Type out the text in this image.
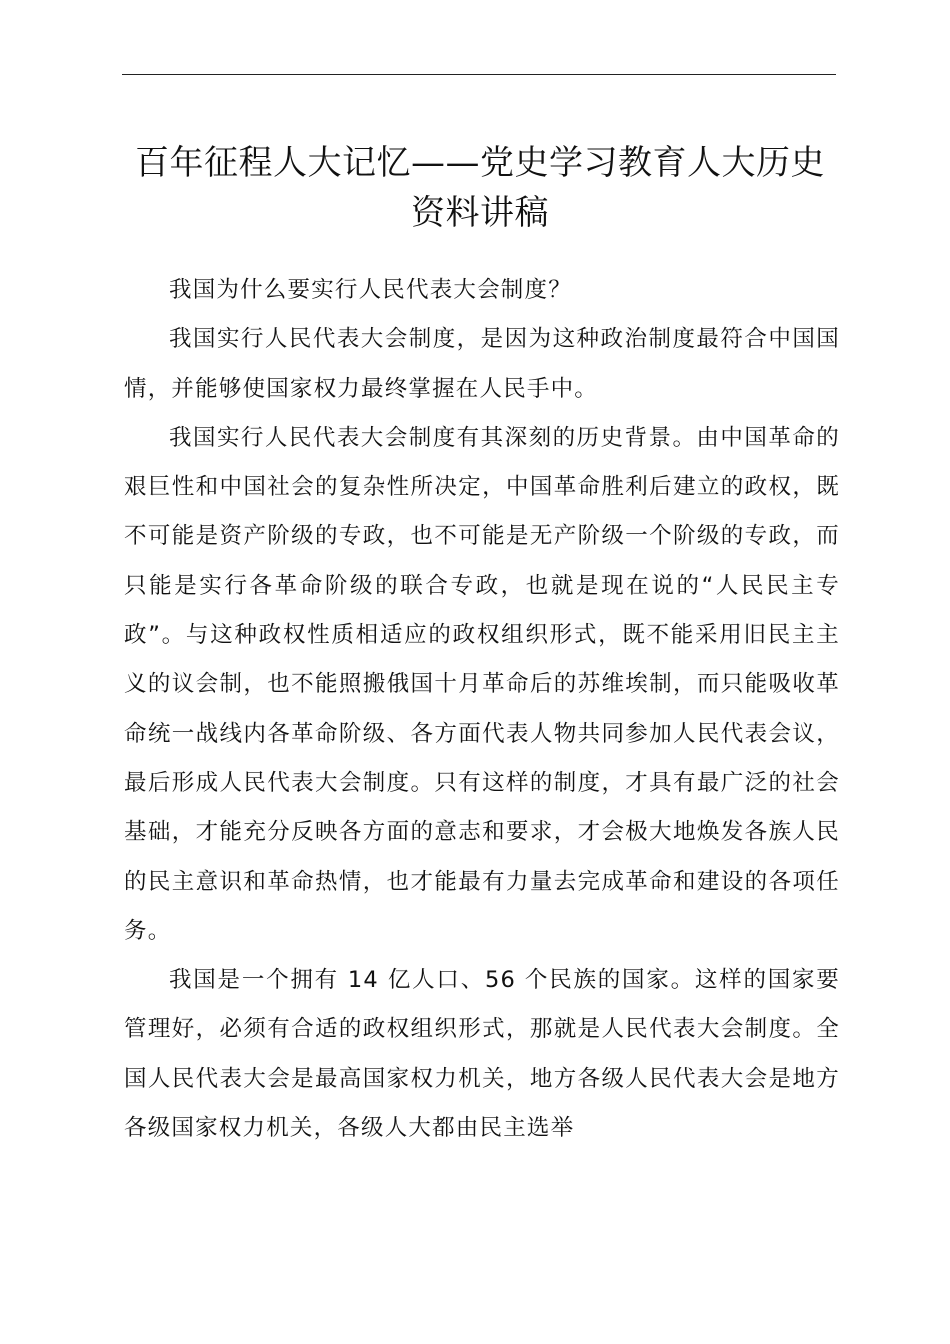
百年征程人大记忆——党史学习教育人大历史
资料讲稿

我国为什么要实行人民代表大会制度？

我国实行人民代表大会制度，是因为这种政治制度最符合中国国情，并能够使国家权力最终掌握在人民手中。

我国实行人民代表大会制度有其深刻的历史背景。由中国革命的艰巨性和中国社会的复杂性所决定，中国革命胜利后建立的政权，既不可能是资产阶级的专政，也不可能是无产阶级一个阶级的专政，而只能是实行各革命阶级的联合专政，也就是现在说的“人民民主专政”。与这种政权性质相适应的政权组织形式，既不能采用旧民主主义的议会制，也不能照搬俄国十月革命后的苏维埃制，而只能吸收革命统一战线内各革命阶级、各方面代表人物共同参加人民代表会议，最后形成人民代表大会制度。只有这样的制度，才具有最广泛的社会基础，才能充分反映各方面的意志和要求，才会极大地焕发各族人民的民主意识和革命热情，也才能最有力量去完成革命和建设的各项任务。

我国是一个拥有 14 亿人口、56 个民族的国家。这样的国家要管理好，必须有合适的政权组织形式，那就是人民代表大会制度。全国人民代表大会是最高国家权力机关，地方各级人民代表大会是地方各级国家权力机关，各级人大都由民主选举
